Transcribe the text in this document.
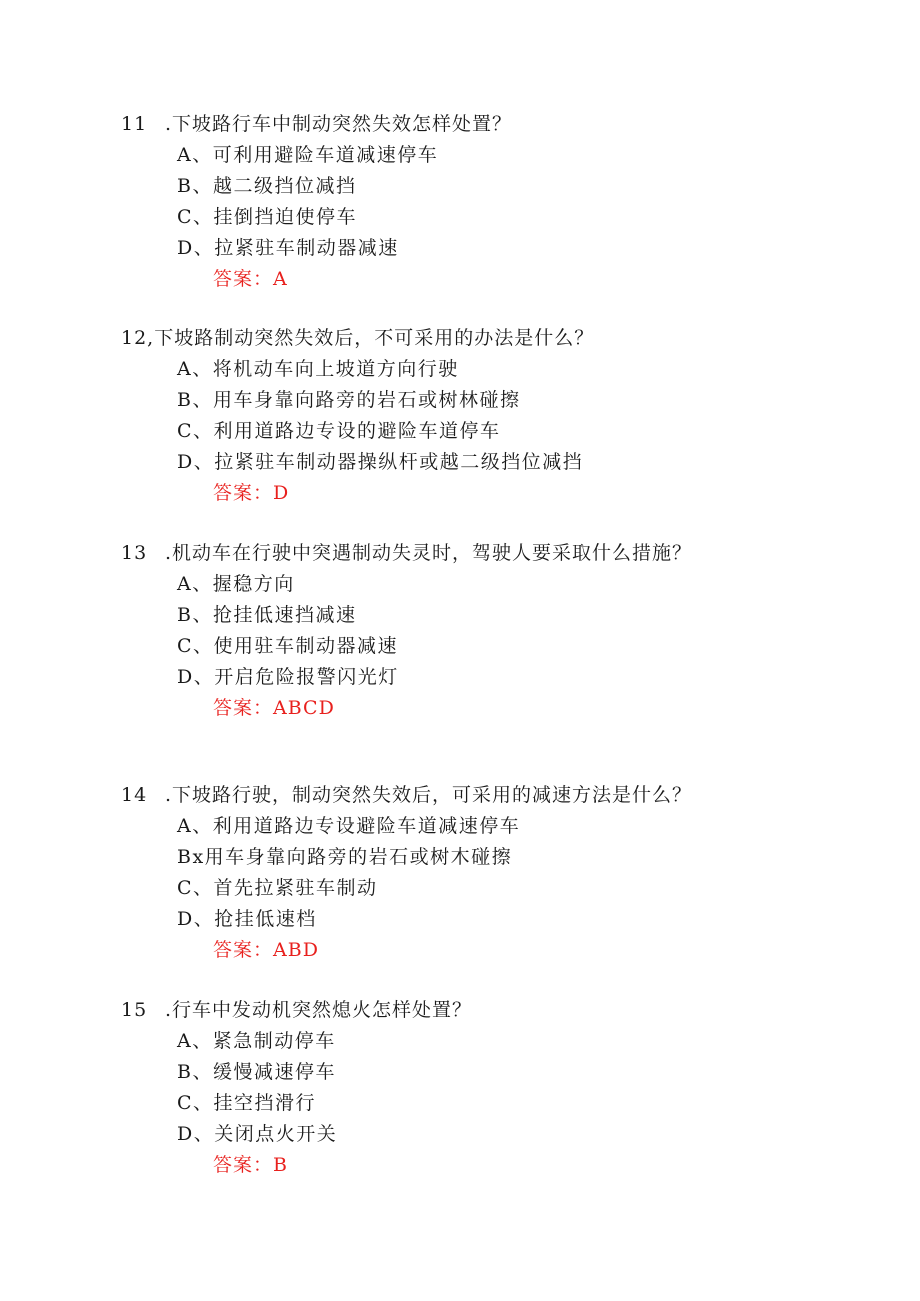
11 .下坡路行车中制动突然失效怎样处置？
A、可利用避险车道减速停车
B、越二级挡位减挡
C、挂倒挡迫使停车
D、拉紧驻车制动器减速
答案：A
12,下坡路制动突然失效后，不可采用的办法是什么？
A、将机动车向上坡道方向行驶
B、用车身靠向路旁的岩石或树林碰擦
C、利用道路边专设的避险车道停车
D、拉紧驻车制动器操纵杆或越二级挡位减挡
答案：D
13 .机动车在行驶中突遇制动失灵时，驾驶人要采取什么措施？
A、握稳方向
B、抢挂低速挡减速
C、使用驻车制动器减速
D、开启危险报警闪光灯
答案：ABCD
14 .下坡路行驶，制动突然失效后，可采用的减速方法是什么？
A、利用道路边专设避险车道减速停车
Bx用车身靠向路旁的岩石或树木碰擦
C、首先拉紧驻车制动
D、抢挂低速档
答案：ABD
15 .行车中发动机突然熄火怎样处置？
A、紧急制动停车
B、缓慢减速停车
C、挂空挡滑行
D、关闭点火开关
答案：B
